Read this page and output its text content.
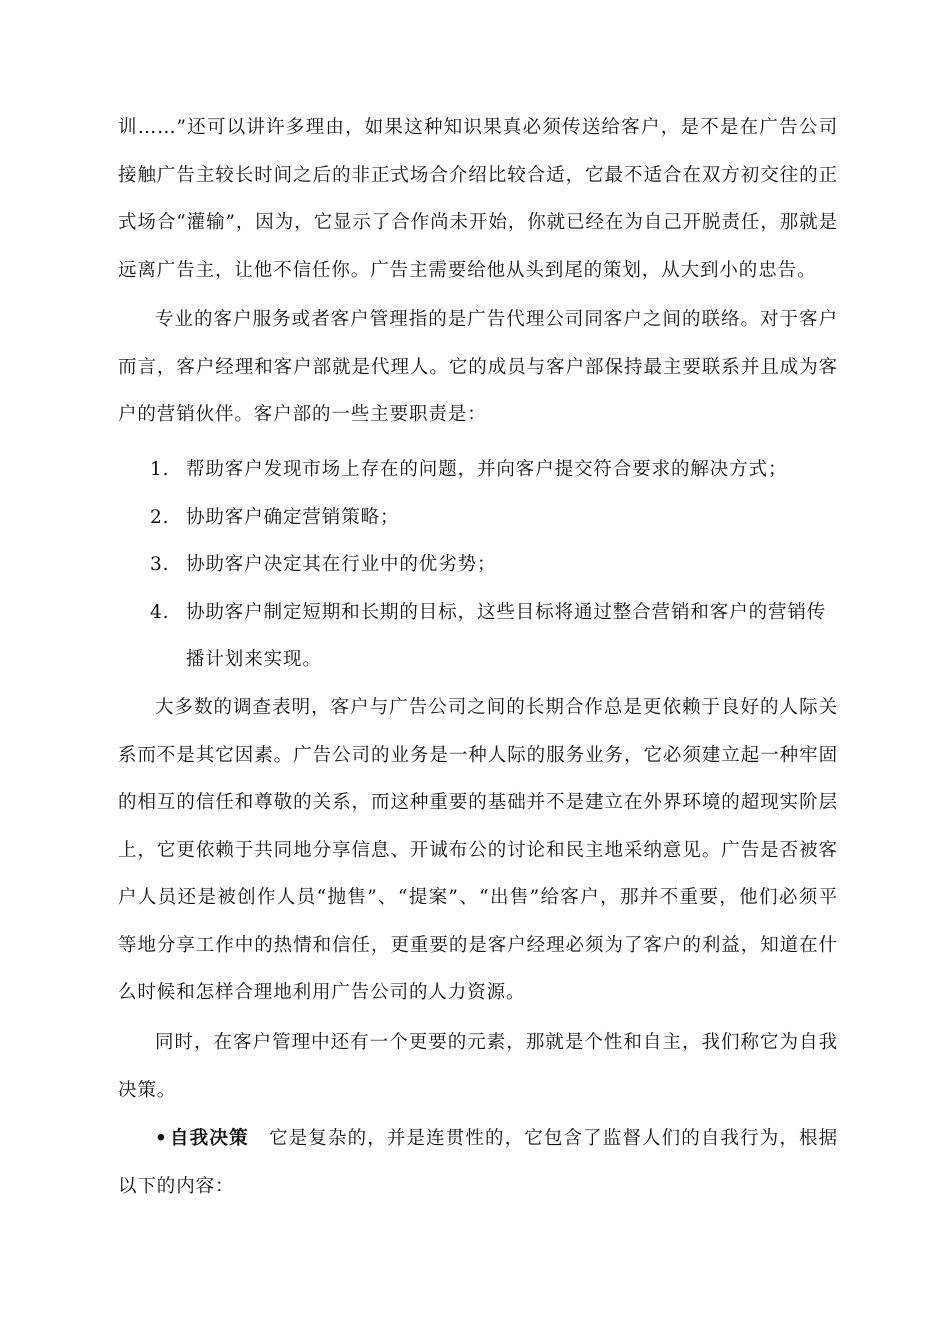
训……”还可以讲许多理由，如果这种知识果真必须传送给客户，是不是在广告公司接触广告主较长时间之后的非正式场合介绍比较合适，它最不适合在双方初交往的正式场合“灌输”，因为，它显示了合作尚未开始，你就已经在为自己开脱责任，那就是远离广告主，让他不信任你。广告主需要给他从头到尾的策划，从大到小的忠告。

专业的客户服务或者客户管理指的是广告代理公司同客户之间的联络。对于客户而言，客户经理和客户部就是代理人。它的成员与客户部保持最主要联系并且成为客户的营销伙伴。客户部的一些主要职责是：

1. 帮助客户发现市场上存在的问题，并向客户提交符合要求的解决方式；

2. 协助客户确定营销策略；

3. 协助客户决定其在行业中的优劣势；

4. 协助客户制定短期和长期的目标，这些目标将通过整合营销和客户的营销传

播计划来实现。

大多数的调查表明，客户与广告公司之间的长期合作总是更依赖于良好的人际关系而不是其它因素。广告公司的业务是一种人际的服务业务，它必须建立起一种牢固的相互的信任和尊敬的关系，而这种重要的基础并不是建立在外界环境的超现实阶层上，它更依赖于共同地分享信息、开诚布公的讨论和民主地采纳意见。广告是否被客户人员还是被创作人员“抛售”、“提案”、“出售”给客户，那并不重要，他们必须平等地分享工作中的热情和信任，更重要的是客户经理必须为了客户的利益，知道在什么时候和怎样合理地利用广告公司的人力资源。

同时，在客户管理中还有一个更要的元素，那就是个性和自主，我们称它为自我决策。

• 自我决策 它是复杂的，并是连贯性的，它包含了监督人们的自我行为，根据以下的内容：
